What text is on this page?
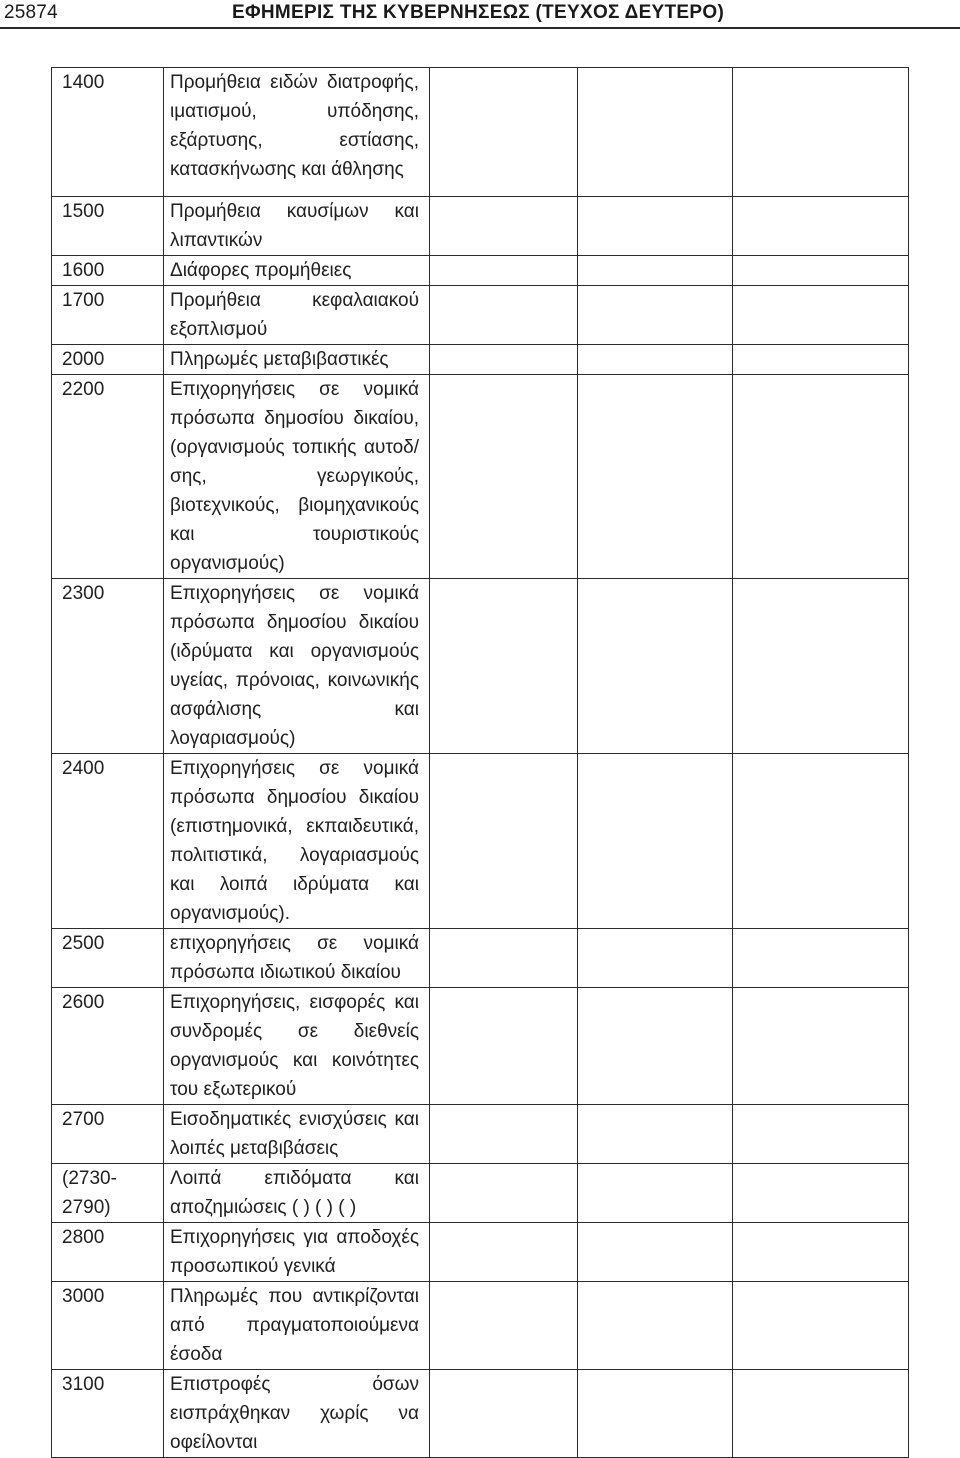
25874	ΕΦΗΜΕΡΙΣ ΤΗΣ ΚΥΒΕΡΝΗΣΕΩΣ (ΤΕΥΧΟΣ ΔΕΥΤΕΡΟ)
1400	Προμήθεια ειδών διατροφής, ιματισμού, υπόδησης, εξάρτυσης, εστίασης, κατασκήνωσης και άθλησης			
1500	Προμήθεια καυσίμων και λιπαντικών			
1600	Διάφορες προμήθειες			
1700	Προμήθεια κεφαλαιακού εξοπλισμού			
2000	Πληρωμές μεταβιβαστικές			
2200	Επιχορηγήσεις σε νομικά πρόσωπα δημοσίου δικαίου, (οργανισμούς τοπικής αυτοδ/σης, γεωργικούς, βιοτεχνικούς, βιομηχανικούς και τουριστικούς οργανισμούς)			
2300	Επιχορηγήσεις σε νομικά πρόσωπα δημοσίου δικαίου (ιδρύματα και οργανισμούς υγείας, πρόνοιας, κοινωνικής ασφάλισης και λογαριασμούς)			
2400	Επιχορηγήσεις σε νομικά πρόσωπα δημοσίου δικαίου (επιστημονικά, εκπαιδευτικά, πολιτιστικά, λογαριασμούς και λοιπά ιδρύματα και οργανισμούς).			
2500	επιχορηγήσεις σε νομικά πρόσωπα ιδιωτικού δικαίου			
2600	Επιχορηγήσεις, εισφορές και συνδρομές σε διεθνείς οργανισμούς και κοινότητες του εξωτερικού			
2700	Εισοδηματικές ενισχύσεις και λοιπές μεταβιβάσεις			
(2730- 2790)	Λοιπά επιδόματα και αποζημιώσεις ( ) ( ) ( )			
2800	Επιχορηγήσεις για αποδοχές προσωπικού γενικά			
3000	Πληρωμές που αντικρίζονται από πραγματοποιούμενα έσοδα			
3100	Επιστροφές όσων εισπράχθηκαν χωρίς να οφείλονται			
